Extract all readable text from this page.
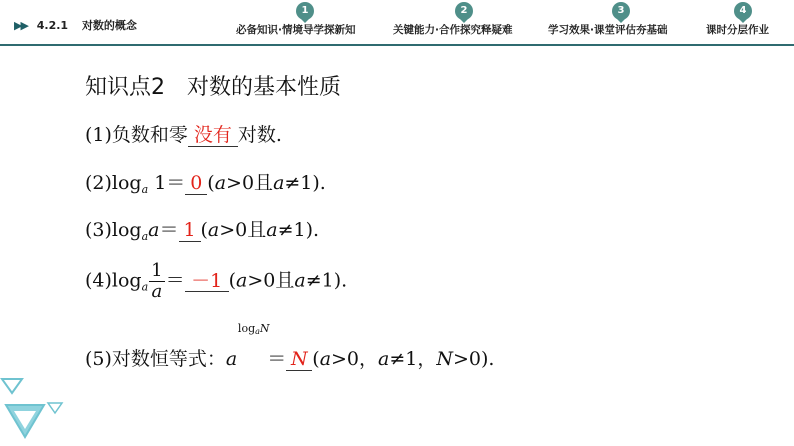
▶▶ 4.2.1 对数的概念
1
必备知识·情境导学探新知
2
关键能力·合作探究释疑难
3
学习效果·课堂评估夯基础
4
课时分层作业
知识点2　对数的基本性质
(1)负数和零 没有 对数.
$(2)\log_a$ 1＝ 0 (a>0且a≠1).
$(3)\log_aa= 1$ (a>0且a≠1).
$(4)\log_a \frac{1}{a} = -1$ (a>0且a≠1).
(5)对数恒等式：a
$\log_aN$
＝ N (a>0，a≠1，N>0).
